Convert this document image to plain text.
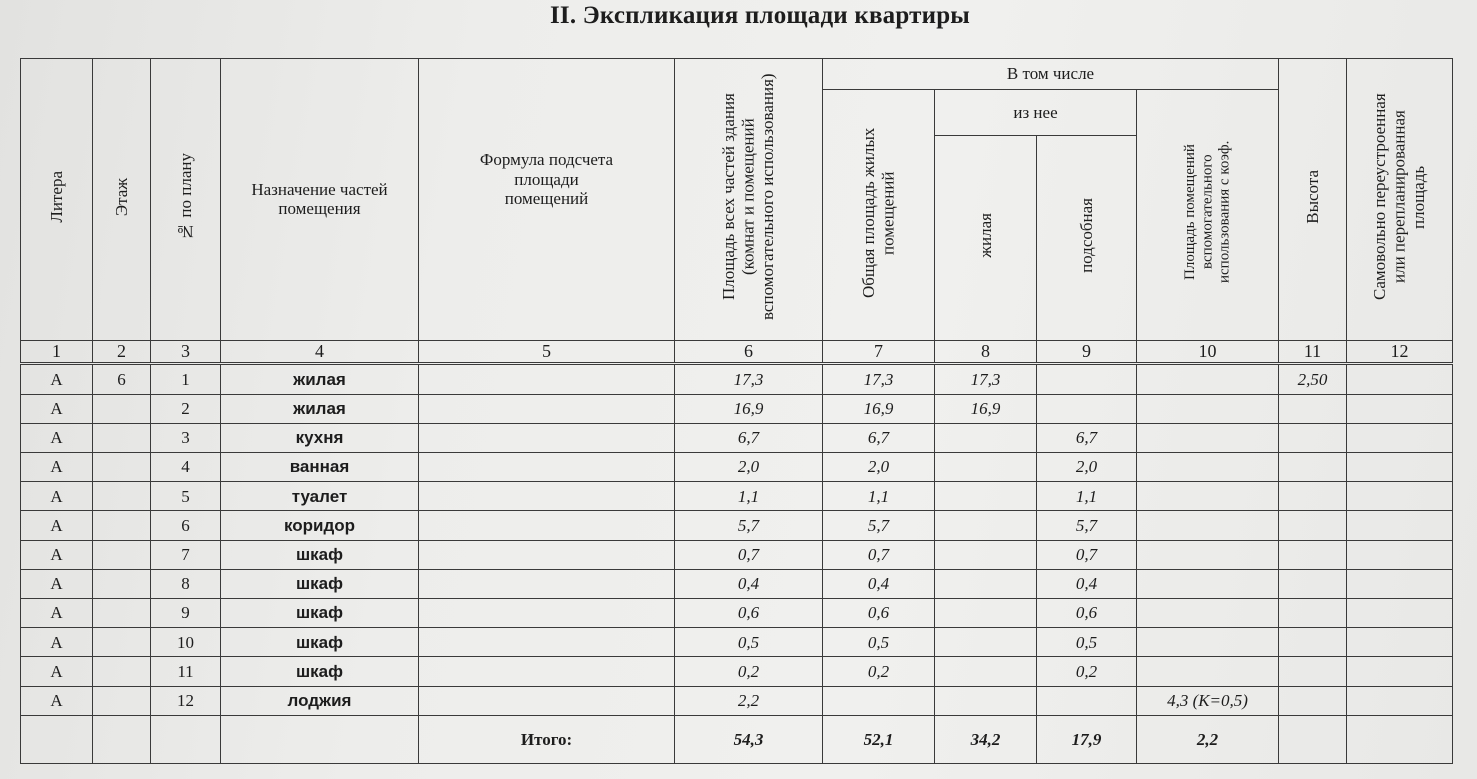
II. Экспликация площади квартиры
Литера	Этаж	№ по плану	Назначение частей помещения	Формула подсчета площади помещений	Площадь всех частей здания (комнат и помещений вспомогательного использования)	В том числе				Высота	Самовольно переустроенная или перепланированная площадь
						Общая площадь жилых помещений	из нее		Площадь помещений вспомогательного использования с коэф.		
							жилая	подсобная			
1	2	3	4	5	6	7	8	9	10	11	12
А	6	1	жилая		17,3	17,3	17,3			2,50	
А		2	жилая		16,9	16,9	16,9				
А		3	кухня		6,7	6,7		6,7			
А		4	ванная		2,0	2,0		2,0			
А		5	туалет		1,1	1,1		1,1			
А		6	коридор		5,7	5,7		5,7			
А		7	шкаф		0,7	0,7		0,7			
А		8	шкаф		0,4	0,4		0,4			
А		9	шкаф		0,6	0,6		0,6			
А		10	шкаф		0,5	0,5		0,5			
А		11	шкаф		0,2	0,2		0,2			
А		12	лоджия		2,2				4,3 (К=0,5)		
				Итого:	54,3	52,1	34,2	17,9	2,2		
